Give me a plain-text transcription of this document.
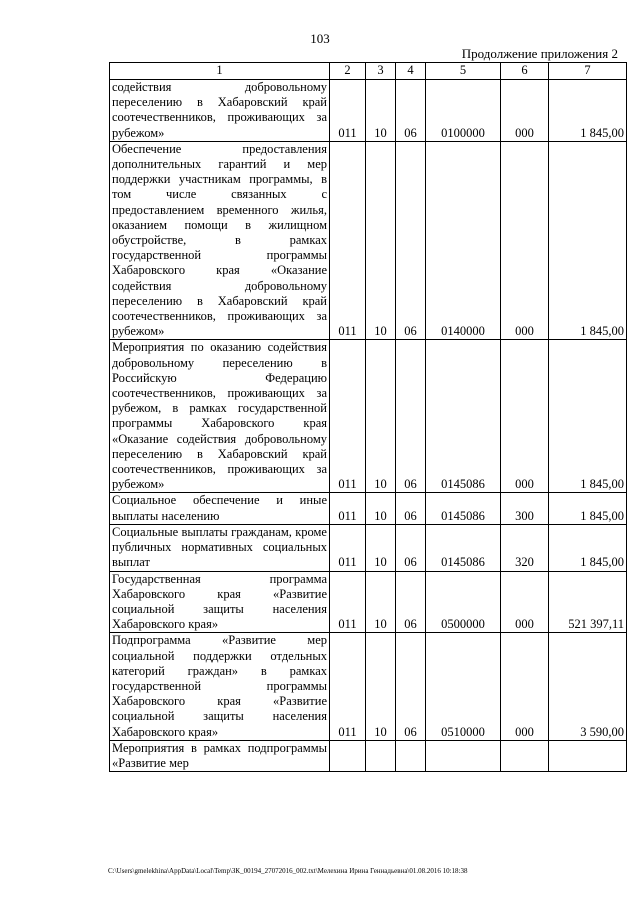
103
Продолжение приложения 2
1	2	3	4	5	6	7
содействия добровольному переселению в Хабаровский край соотечественников, проживающих за рубежом»	011	10	06	0100000	000	1 845,00
Обеспечение предоставления дополнительных гарантий и мер поддержки участникам программы, в том числе связанных с предоставлением временного жилья, оказанием помощи в жилищном обустройстве, в рамках государственной программы Хабаровского края «Оказание содействия добровольному переселению в Хабаровский край соотечественников, проживающих за рубежом»	011	10	06	0140000	000	1 845,00
Мероприятия по оказанию содействия добровольному переселению в Российскую Федерацию соотечественников, проживающих за рубежом, в рамках государственной программы Хабаровского края «Оказание содействия добровольному переселению в Хабаровский край соотечественников, проживающих за рубежом»	011	10	06	0145086	000	1 845,00
Социальное обеспечение и иные выплаты населению	011	10	06	0145086	300	1 845,00
Социальные выплаты гражданам, кроме публичных нормативных социальных выплат	011	10	06	0145086	320	1 845,00
Государственная программа Хабаровского края «Развитие социальной защиты населения Хабаровского края»	011	10	06	0500000	000	521 397,11
Подпрограмма «Развитие мер социальной поддержки отдельных категорий граждан» в рамках государственной программы Хабаровского края «Развитие социальной защиты населения Хабаровского края»	011	10	06	0510000	000	3 590,00
Мероприятия в рамках подпрограммы «Развитие мер						
C:\Users\gmelekhina\AppData\Local\Temp\ЗК_00194_27072016_002.txt\Мелехина Ирина Геннадьевна\01.08.2016 10:18:38
